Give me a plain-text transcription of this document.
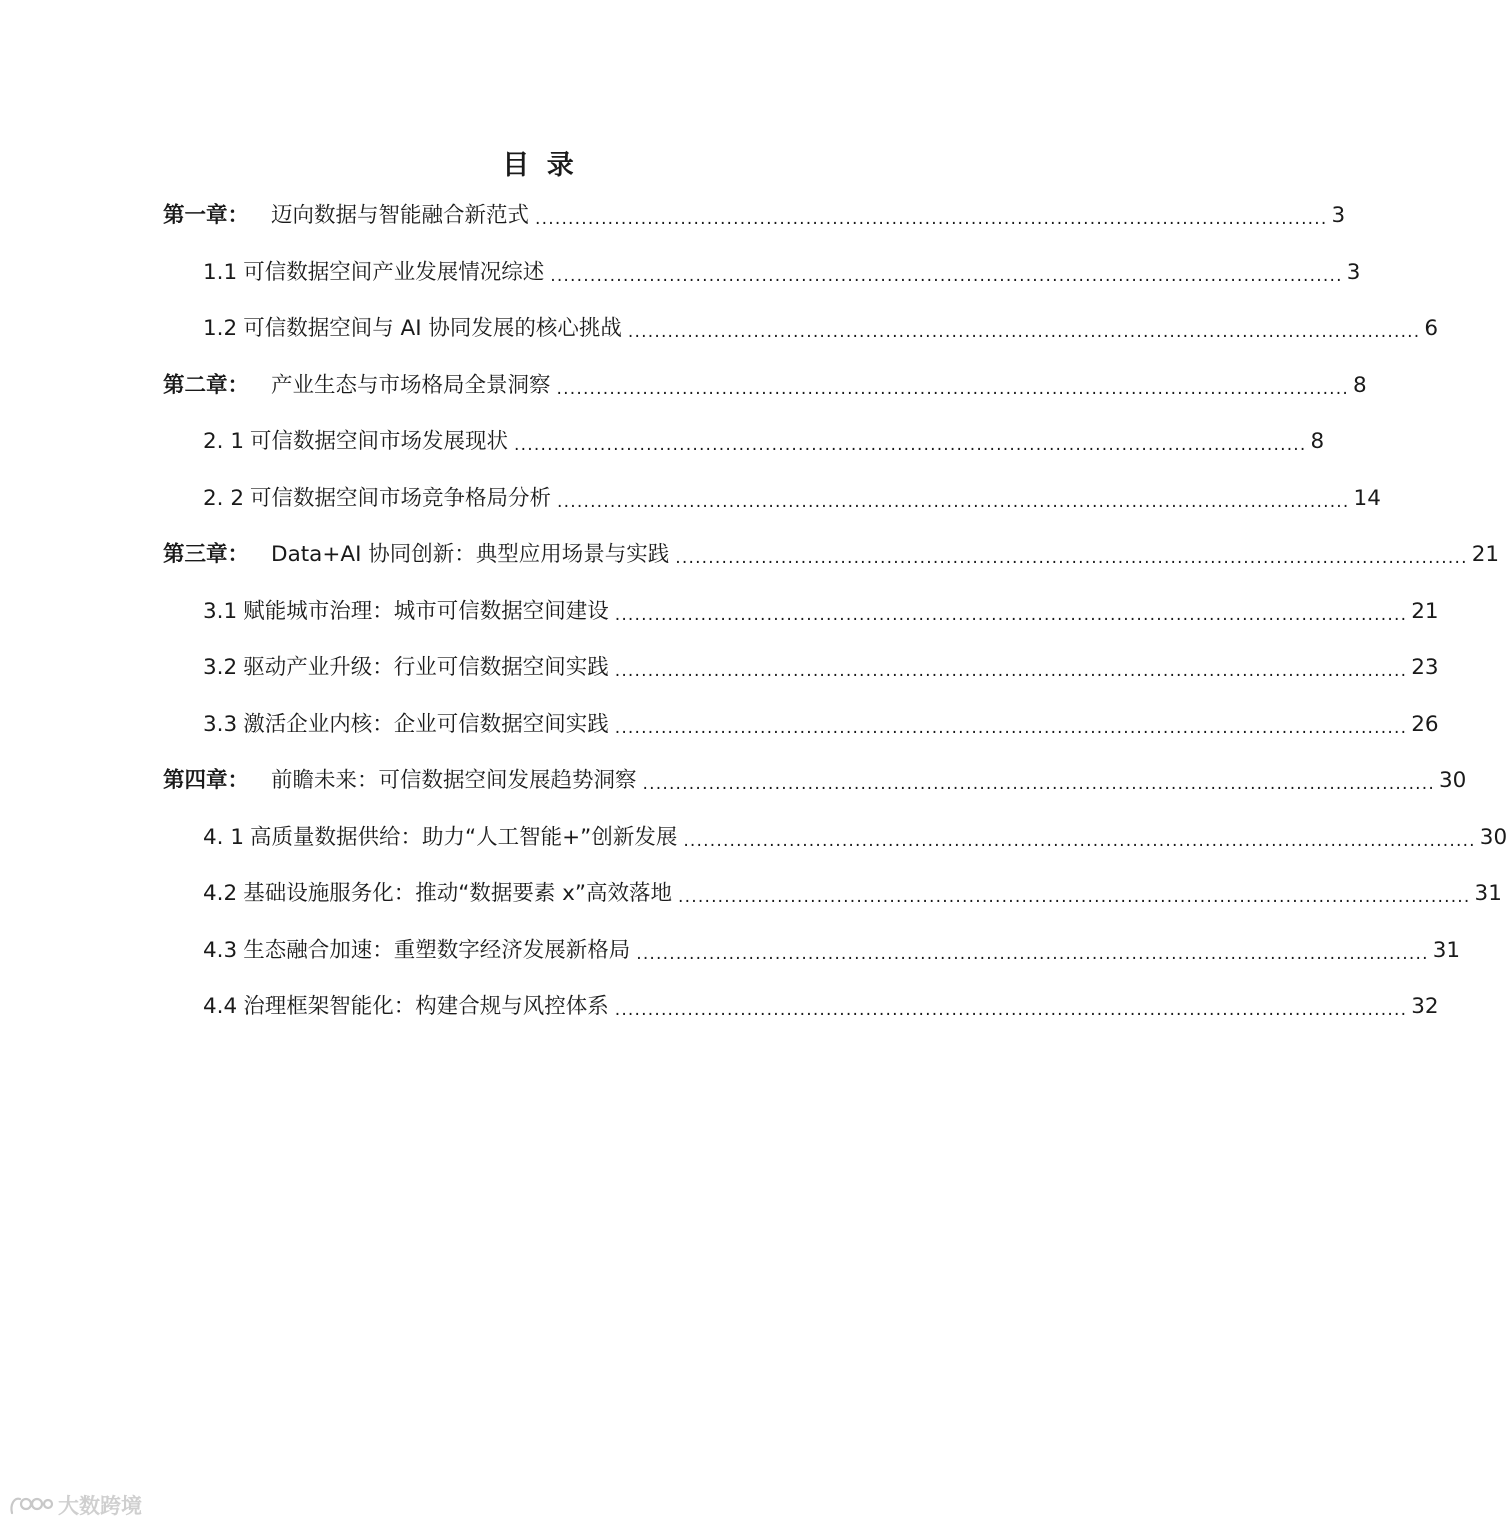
目 录
第一章： 迈向数据与智能融合新范式 ........................................................................................................................ 3
1.1 可信数据空间产业发展情况综述 ........................................................................................................................ 3
1.2 可信数据空间与 AI 协同发展的核心挑战 ........................................................................................................................ 6
第二章： 产业生态与市场格局全景洞察 ........................................................................................................................ 8
2. 1 可信数据空间市场发展现状 ........................................................................................................................ 8
2. 2 可信数据空间市场竞争格局分析 ........................................................................................................................ 14
第三章： Data+AI 协同创新：典型应用场景与实践 ........................................................................................................................ 21
3.1 赋能城市治理：城市可信数据空间建设 ........................................................................................................................ 21
3.2 驱动产业升级：行业可信数据空间实践 ........................................................................................................................ 23
3.3 激活企业内核：企业可信数据空间实践 ........................................................................................................................ 26
第四章： 前瞻未来：可信数据空间发展趋势洞察 ........................................................................................................................ 30
4. 1 高质量数据供给：助力“人工智能+”创新发展 ........................................................................................................................ 30
4.2 基础设施服务化：推动“数据要素 x”高效落地 ........................................................................................................................ 31
4.3 生态融合加速：重塑数字经济发展新格局 ........................................................................................................................ 31
4.4 治理框架智能化：构建合规与风控体系 ........................................................................................................................ 32
大数跨境
